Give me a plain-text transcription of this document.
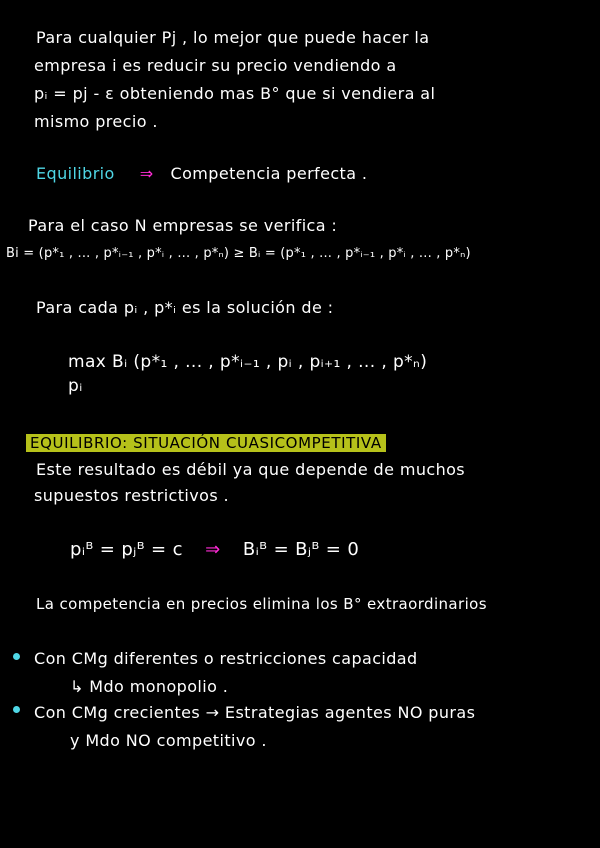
Para cualquier Pj , lo mejor que puede hacer la
empresa i es reducir su precio vendiendo a
pᵢ = pj - ε obteniendo mas B° que si vendiera al
mismo precio .
Equilibrio ⇒ Competencia perfecta .
Para el caso N empresas se verifica :
Bi = (p*₁ , ... , p*ᵢ₋₁ , p*ᵢ , ... , p*ₙ) ≥ Bᵢ = (p*₁ , ... , p*ᵢ₋₁ , p*ᵢ , ... , p*ₙ)
Para cada pᵢ , p*ᵢ es la solución de :
max Bᵢ (p*₁ , ... , p*ᵢ₋₁ , pᵢ , pᵢ₊₁ , ... , p*ₙ)
pᵢ
EQUILIBRIO: SITUACIÓN CUASICOMPETITIVA
Este resultado es débil ya que depende de muchos
supuestos restrictivos .
pᵢᴮ = pⱼᴮ = c ⇒ Bᵢᴮ = Bⱼᴮ = 0
La competencia en precios elimina los B° extraordinarios
Con CMg diferentes o restricciones capacidad
↳ Mdo monopolio .
Con CMg crecientes → Estrategias agentes NO puras
y Mdo NO competitivo .
